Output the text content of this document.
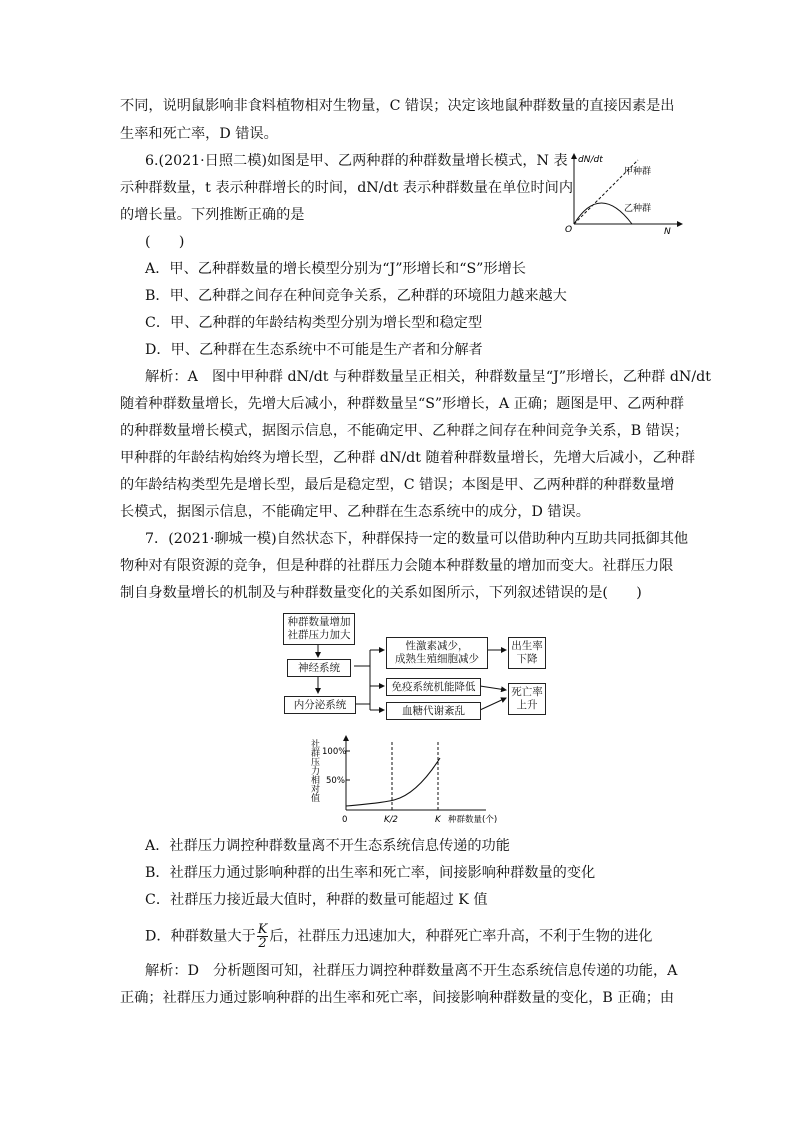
不同，说明鼠影响非食料植物相对生物量，C 错误；决定该地鼠种群数量的直接因素是出
生率和死亡率，D 错误。
6.(2021·日照二模)如图是甲、乙两种群的种群数量增长模式，N 表
示种群数量，t 表示种群增长的时间，dN/dt 表示种群数量在单位时间内
的增长量。下列推断正确的是
(　　)
dN/dt
N
O
甲种群
乙种群
A．甲、乙种群数量的增长模型分别为“J”形增长和“S”形增长
B．甲、乙种群之间存在种间竞争关系，乙种群的环境阻力越来越大
C．甲、乙种群的年龄结构类型分别为增长型和稳定型
D．甲、乙种群在生态系统中不可能是生产者和分解者
解析：A　图中甲种群 dN/dt 与种群数量呈正相关，种群数量呈“J”形增长，乙种群 dN/dt
随着种群数量增长，先增大后减小，种群数量呈“S”形增长，A 正确；题图是甲、乙两种群
的种群数量增长模式，据图示信息，不能确定甲、乙种群之间存在种间竞争关系，B 错误；
甲种群的年龄结构始终为增长型，乙种群 dN/dt 随着种群数量增长，先增大后减小，乙种群
的年龄结构类型先是增长型，最后是稳定型，C 错误；本图是甲、乙两种群的种群数量增
长模式，据图示信息，不能确定甲、乙种群在生态系统中的成分，D 错误。
7．(2021·聊城一模)自然状态下，种群保持一定的数量可以借助种内互助共同抵御其他
物种对有限资源的竞争，但是种群的社群压力会随本种群数量的增加而变大。社群压力限
制自身数量增长的机制及与种群数量变化的关系如图所示，下列叙述错误的是(　　)
种群数量增加
社群压力加大
神经系统
内分泌系统
性激素减少，
成熟生殖细胞减少
免疫系统机能降低
血糖代谢紊乱
出生率
下降
死亡率
上升
社群压力相对值 100%
50%
0	K/2	K 种群数量(个)
A．社群压力调控种群数量离不开生态系统信息传递的功能
B．社群压力通过影响种群的出生率和死亡率，间接影响种群数量的变化
C．社群压力接近最大值时，种群的数量可能超过 K 值
D．种群数量大于 $\frac{K}{2}$ 后，社群压力迅速加大，种群死亡率升高，不利于生物的进化
解析：D　分析题图可知，社群压力调控种群数量离不开生态系统信息传递的功能，A
正确；社群压力通过影响种群的出生率和死亡率，间接影响种群数量的变化，B 正确；由
